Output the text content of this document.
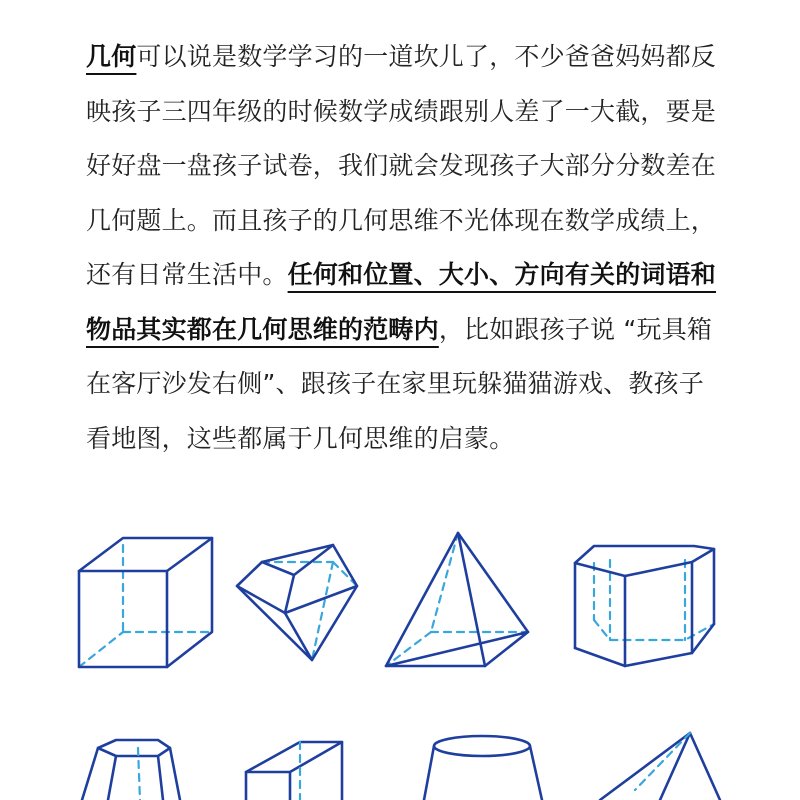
几何可以说是数学学习的一道坎儿了，不少爸爸妈妈都反映孩子三四年级的时候数学成绩跟别人差了一大截，要是好好盘一盘孩子试卷，我们就会发现孩子大部分分数差在几何题上。而且孩子的几何思维不光体现在数学成绩上，还有日常生活中。任何和位置、大小、方向有关的词语和物品其实都在几何思维的范畴内，比如跟孩子说 “玩具箱在客厅沙发右侧”、跟孩子在家里玩躲猫猫游戏、教孩子看地图，这些都属于几何思维的启蒙。
